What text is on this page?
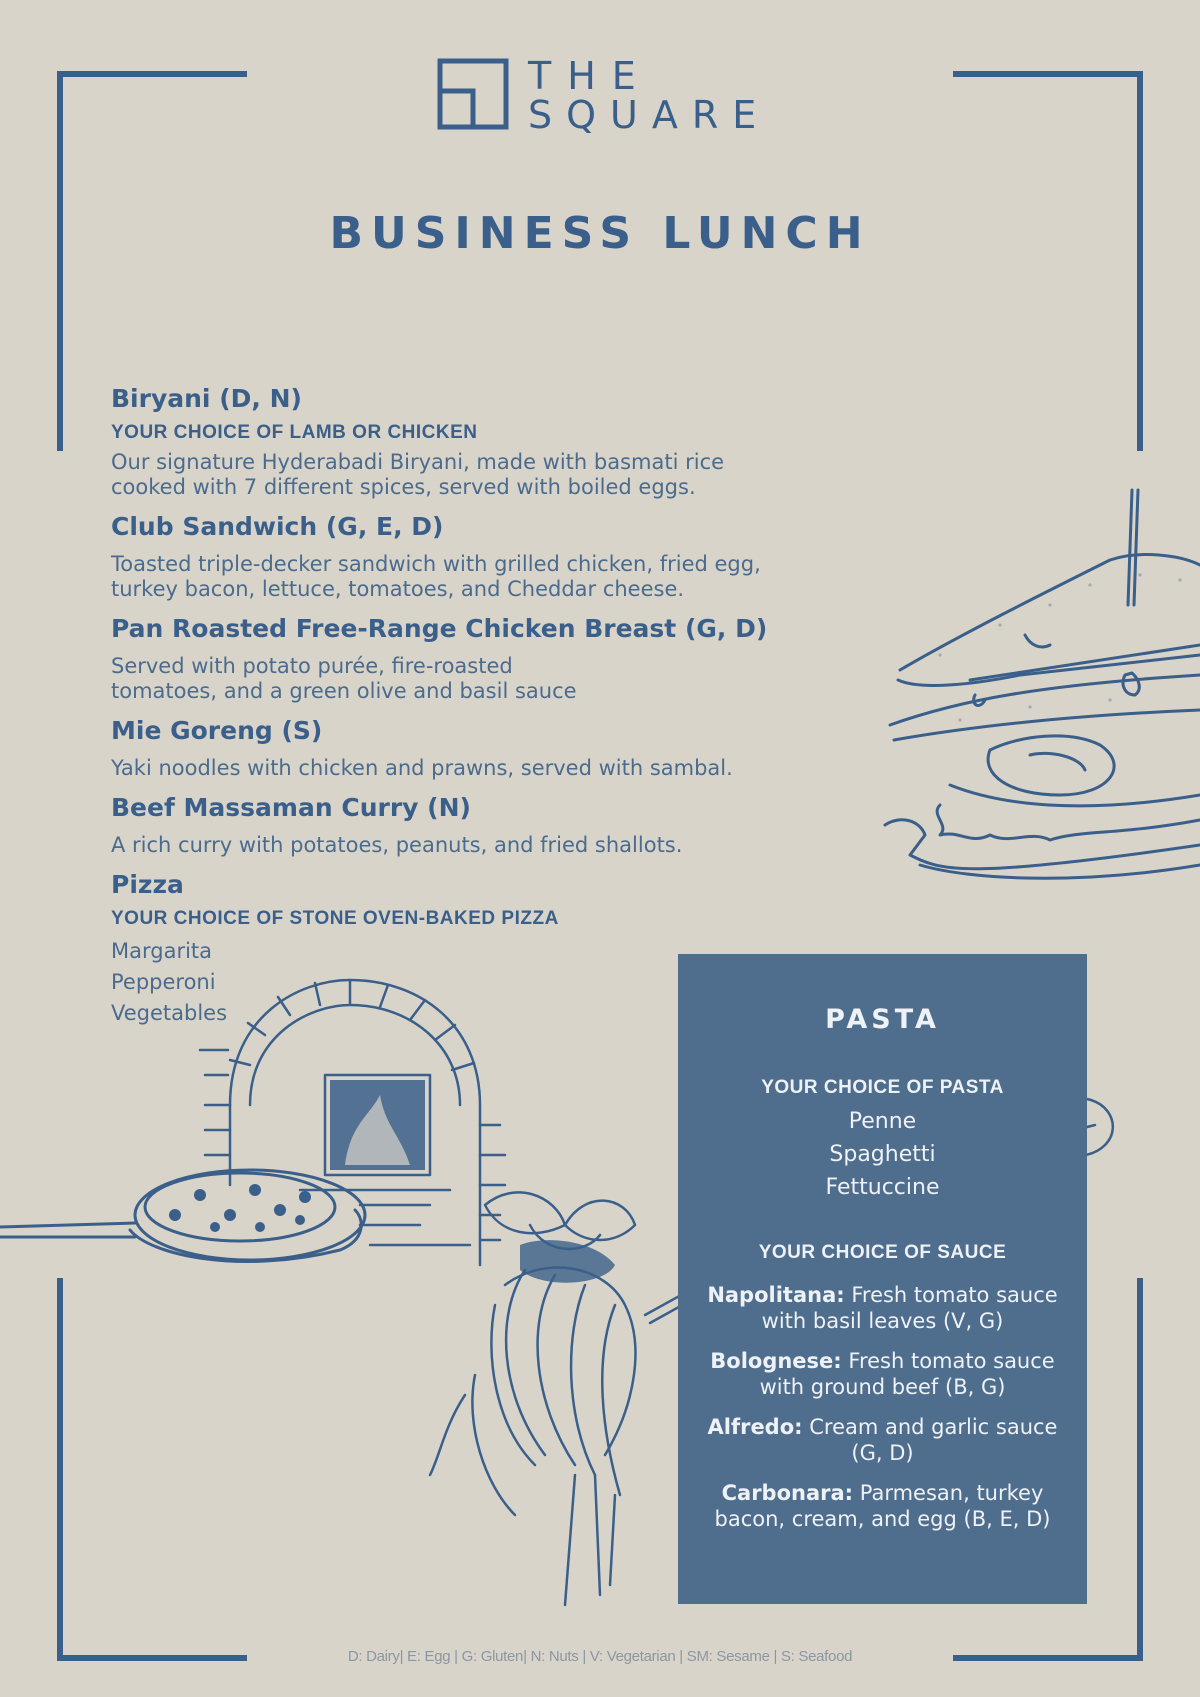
THE
SQUARE
BUSINESS LUNCH
Biryani (D, N)
YOUR CHOICE OF LAMB OR CHICKEN
Our signature Hyderabadi Biryani, made with basmati rice
cooked with 7 different spices, served with boiled eggs.
Club Sandwich (G, E, D)
Toasted triple-decker sandwich with grilled chicken, fried egg,
turkey bacon, lettuce, tomatoes, and Cheddar cheese.
Pan Roasted Free-Range Chicken Breast (G, D)
Served with potato purée, fire-roasted
tomatoes, and a green olive and basil sauce
Mie Goreng (S)
Yaki noodles with chicken and prawns, served with sambal.
Beef Massaman Curry (N)
A rich curry with potatoes, peanuts, and fried shallots.
Pizza
YOUR CHOICE OF STONE OVEN-BAKED PIZZA
Margarita
Pepperoni
Vegetables	PASTA
YOUR CHOICE OF PASTA
Penne
Spaghetti
Fettuccine
YOUR CHOICE OF SAUCE
Napolitana: Fresh tomato sauce with basil leaves (V, G)
Bolognese: Fresh tomato sauce with ground beef (B, G)
Alfredo: Cream and garlic sauce (G, D)
Carbonara: Parmesan, turkey bacon, cream, and egg (B, E, D)
D: Dairy| E: Egg | G: Gluten| N: Nuts | V: Vegetarian | SM: Sesame | S: Seafood
